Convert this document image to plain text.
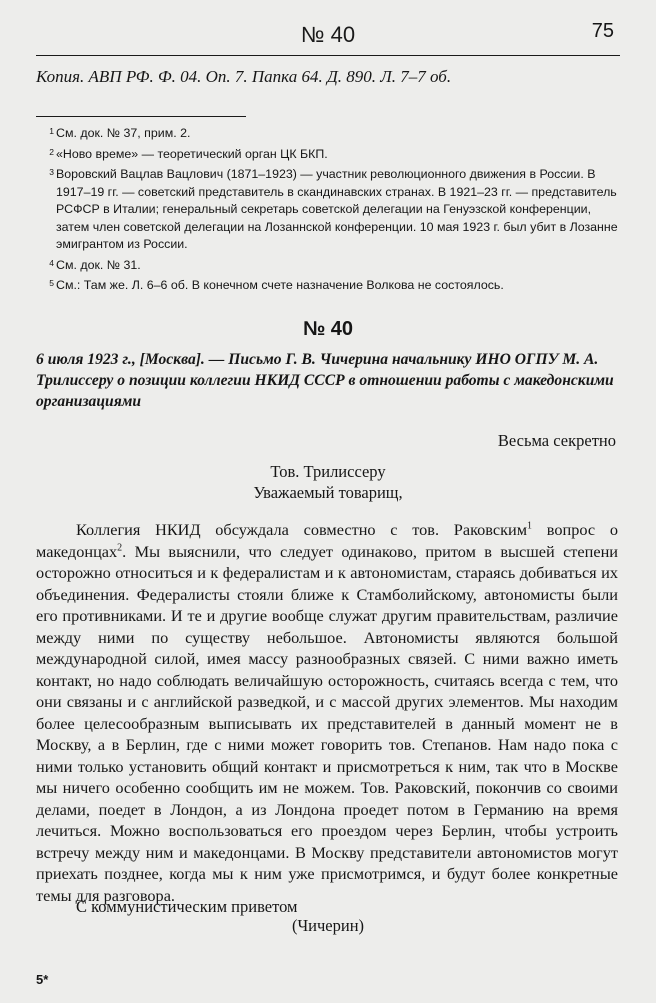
№ 40	75
Копия. АВП РФ. Ф. 04. Оп. 7. Папка 64. Д. 890. Л. 7–7 об.
1 См. док. № 37, прим. 2.
2 «Ново време» — теоретический орган ЦК БКП.
3 Воровский Вацлав Вацлович (1871–1923) — участник революционного движения в России. В 1917–19 гг. — советский представитель в скандинавских странах. В 1921–23 гг. — представитель РСФСР в Италии; генеральный секретарь советской делегации на Генуэзской конференции, затем член советской делегации на Лозаннской конференции. 10 мая 1923 г. был убит в Лозанне эмигрантом из России.
4 См. док. № 31.
5 См.: Там же. Л. 6–6 об. В конечном счете назначение Волкова не состоялось.
№ 40
6 июля 1923 г., [Москва]. — Письмо Г. В. Чичерина начальнику ИНО ОГПУ М. А. Трилиссеру о позиции коллегии НКИД СССР в отношении работы с македонскими организациями
Весьма секретно
Тов. Трилиссеру
Уважаемый товарищ,
Коллегия НКИД обсуждала совместно с тов. Раковским$^1$ вопрос о македонцах$^2$. Мы выяснили, что следует одинаково, притом в высшей степени осторожно относиться и к федералистам и к автономистам, стараясь добиваться их объединения. Федералисты стояли ближе к Стамболийскому, автономисты были его противниками. И те и другие вообще служат другим правительствам, различие между ними по существу небольшое. Автономисты являются большой международной силой, имея массу разнообразных связей. С ними важно иметь контакт, но надо соблюдать величайшую осторожность, считаясь всегда с тем, что они связаны и с английской разведкой, и с массой других элементов. Мы находим более целесообразным выписывать их представителей в данный момент не в Москву, а в Берлин, где с ними может говорить тов. Степанов. Нам надо пока с ними только установить общий контакт и присмотреться к ним, так что в Москве мы ничего особенно сообщить им не можем. Тов. Раковский, покончив со своими делами, поедет в Лондон, а из Лондона проедет потом в Германию на время лечиться. Можно воспользоваться его проездом через Берлин, чтобы устроить встречу между ним и македонцами. В Москву представители автономистов могут приехать позднее, когда мы к ним уже присмотримся, и будут более конкретные темы для разговора.
С коммунистическим приветом
(Чичерин)
5*
